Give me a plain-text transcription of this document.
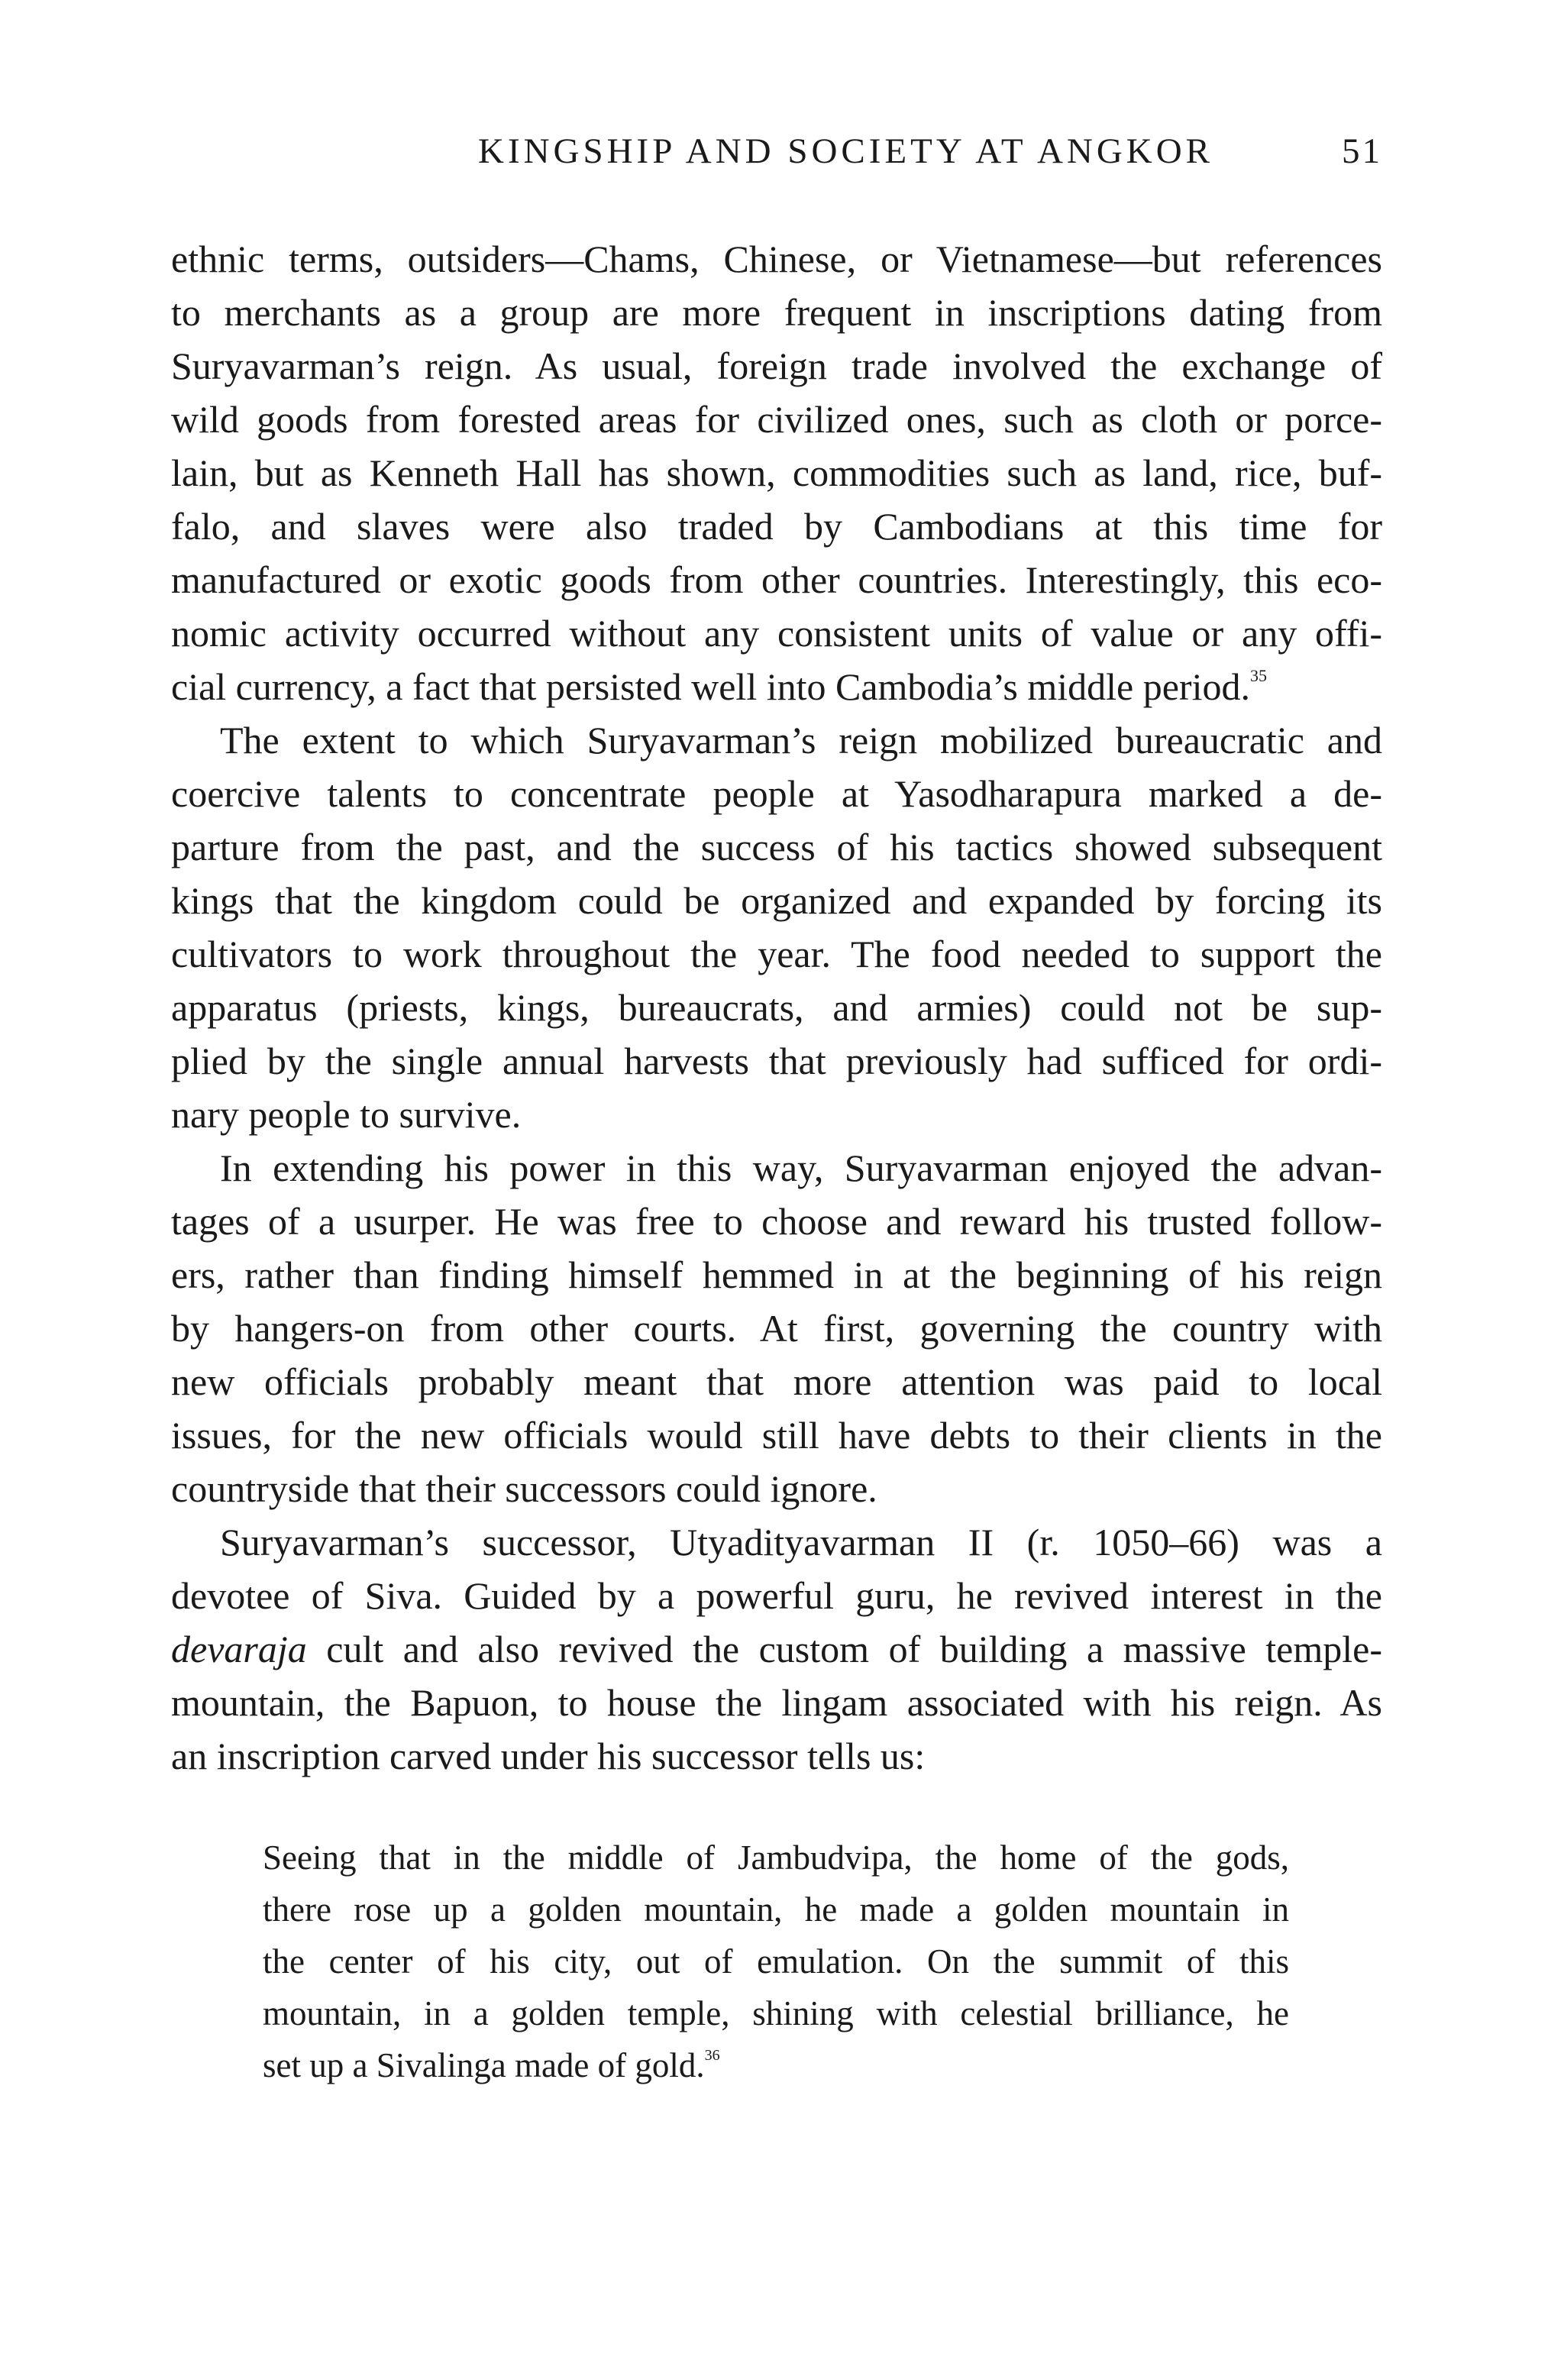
KINGSHIP AND SOCIETY AT ANGKOR	51
ethnic terms, outsiders—Chams, Chinese, or Vietnamese—but references
to merchants as a group are more frequent in inscriptions dating from
Suryavarman’s reign. As usual, foreign trade involved the exchange of
wild goods from forested areas for civilized ones, such as cloth or porce-
lain, but as Kenneth Hall has shown, commodities such as land, rice, buf-
falo, and slaves were also traded by Cambodians at this time for
manufactured or exotic goods from other countries. Interestingly, this eco-
nomic activity occurred without any consistent units of value or any offi-
cial currency, a fact that persisted well into Cambodia’s middle period.$^{35}$
The extent to which Suryavarman’s reign mobilized bureaucratic and
coercive talents to concentrate people at Yasodharapura marked a de-
parture from the past, and the success of his tactics showed subsequent
kings that the kingdom could be organized and expanded by forcing its
cultivators to work throughout the year. The food needed to support the
apparatus (priests, kings, bureaucrats, and armies) could not be sup-
plied by the single annual harvests that previously had sufficed for ordi-
nary people to survive.
In extending his power in this way, Suryavarman enjoyed the advan-
tages of a usurper. He was free to choose and reward his trusted follow-
ers, rather than finding himself hemmed in at the beginning of his reign
by hangers-on from other courts. At first, governing the country with
new officials probably meant that more attention was paid to local
issues, for the new officials would still have debts to their clients in the
countryside that their successors could ignore.
Suryavarman’s successor, Utyadityavarman II (r. 1050–66) was a
devotee of Siva. Guided by a powerful guru, he revived interest in the
devaraja cult and also revived the custom of building a massive temple-
mountain, the Bapuon, to house the lingam associated with his reign. As
an inscription carved under his successor tells us:
Seeing that in the middle of Jambudvipa, the home of the gods,
there rose up a golden mountain, he made a golden mountain in
the center of his city, out of emulation. On the summit of this
mountain, in a golden temple, shining with celestial brilliance, he
set up a Sivalinga made of gold.$^{36}$
